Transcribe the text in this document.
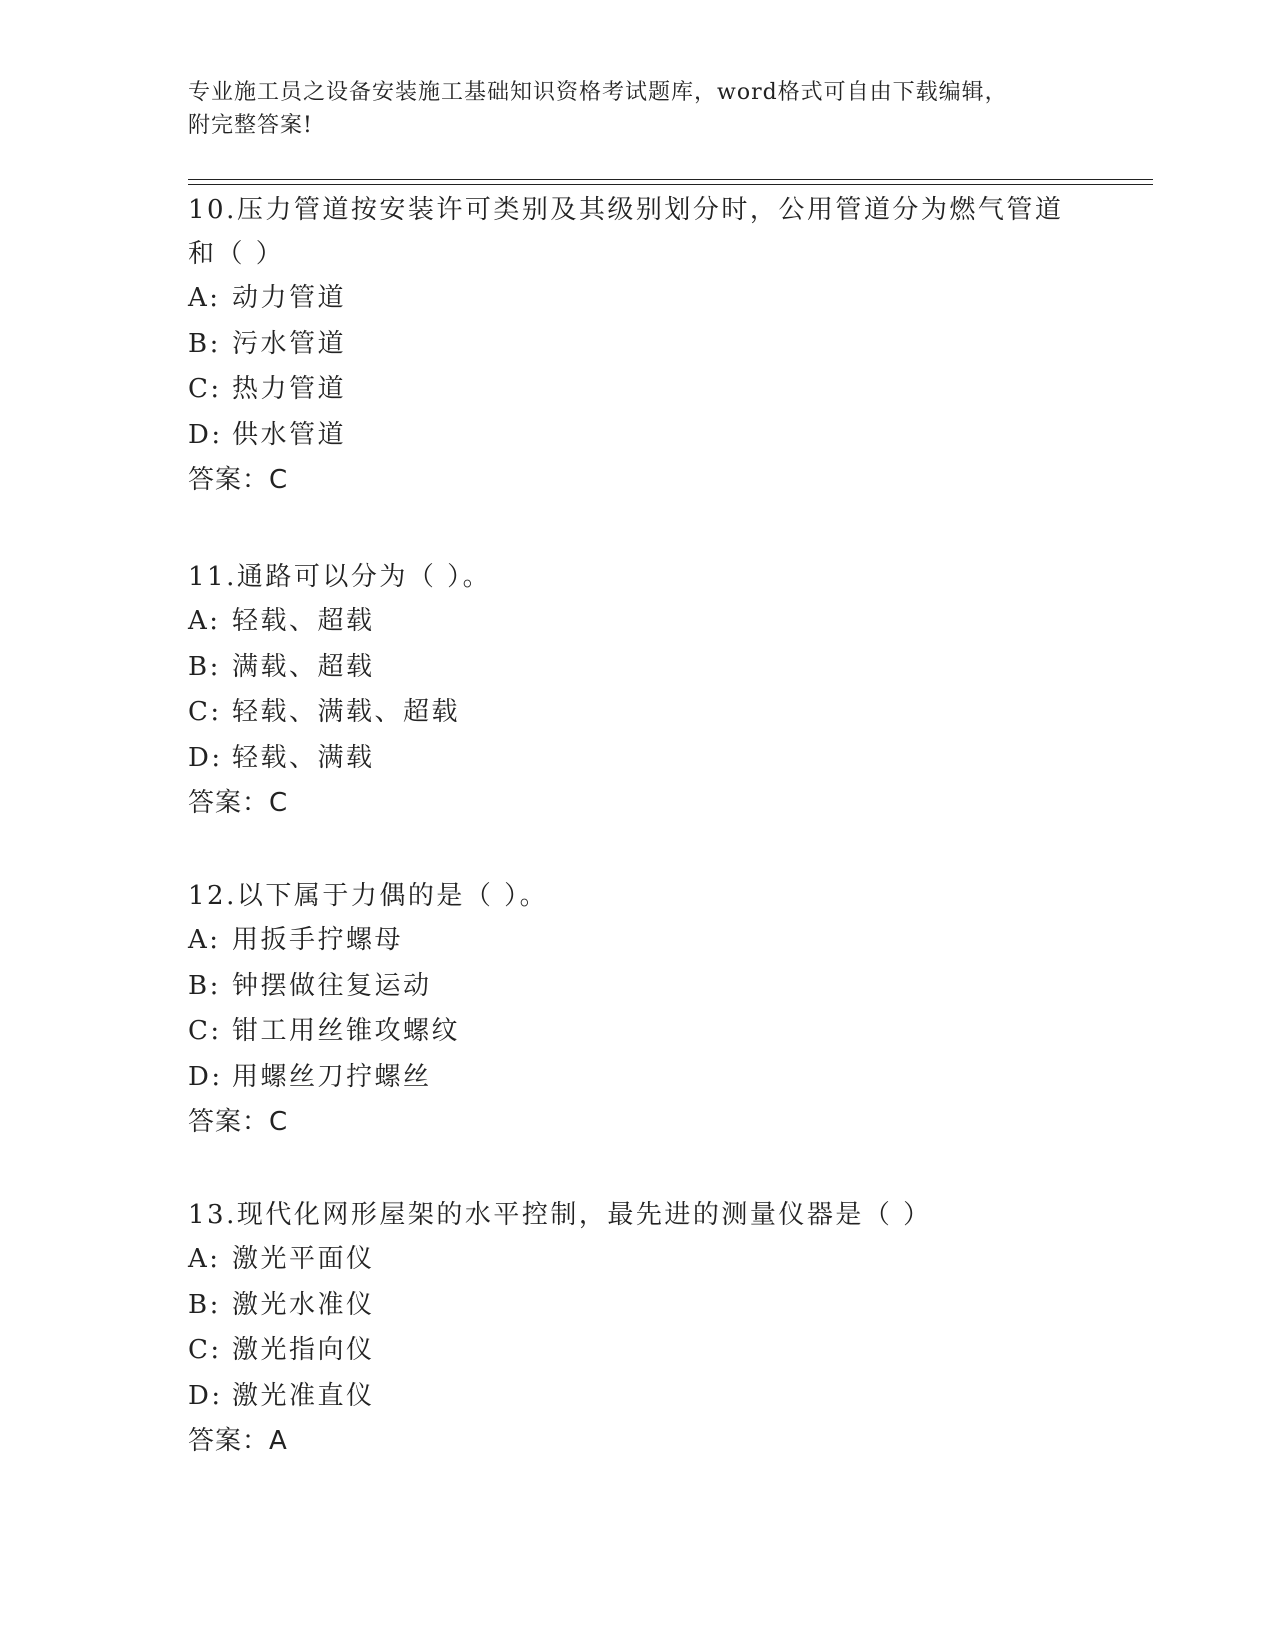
专业施工员之设备安装施工基础知识资格考试题库，word格式可自由下载编辑，
附完整答案!
10.压力管道按安装许可类别及其级别划分时，公用管道分为燃气管道
和（ ）
A: 动力管道
B: 污水管道
C: 热力管道
D: 供水管道
答案：C
11.通路可以分为（ ）。
A: 轻载、超载
B: 满载、超载
C: 轻载、满载、超载
D: 轻载、满载
答案：C
12.以下属于力偶的是（ ）。
A: 用扳手拧螺母
B: 钟摆做往复运动
C: 钳工用丝锥攻螺纹
D: 用螺丝刀拧螺丝
答案：C
13.现代化网形屋架的水平控制，最先进的测量仪器是（ ）
A: 激光平面仪
B: 激光水准仪
C: 激光指向仪
D: 激光准直仪
答案：A
